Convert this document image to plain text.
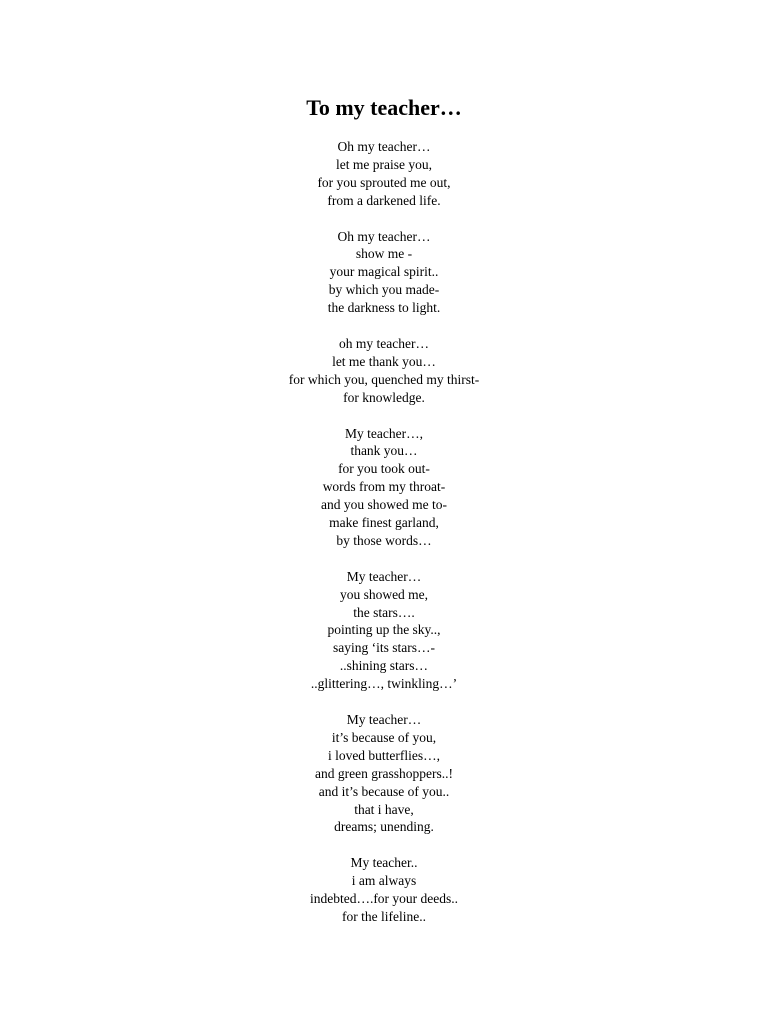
To my teacher…
Oh my teacher…
let me praise you,
for you sprouted me out,
from a darkened life.
Oh my teacher…
show me -
your magical spirit..
by which you made-
the darkness to light.
oh my teacher…
let me thank you…
for which you, quenched my thirst-
for knowledge.
My teacher…,
thank you…
for you took out-
words from my throat-
and you showed me to-
make finest garland,
by those words…
My teacher…
you showed me,
the stars….
pointing up the sky..,
saying ‘its stars…-
..shining stars…
..glittering…, twinkling…’
My teacher…
it’s because of you,
i loved butterflies…,
and green grasshoppers..!
and it’s because of you..
that i have,
dreams; unending.
My teacher..
i am always
indebted….for your deeds..
for the lifeline..
